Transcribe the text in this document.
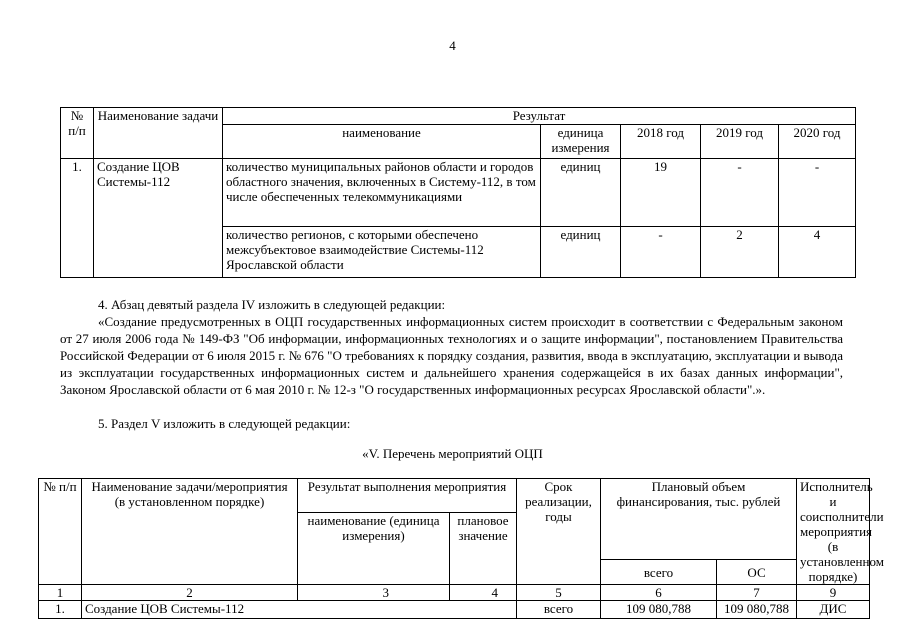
4
№ п/п	Наименование задачи	Результат				
		наименование	единица измерения	2018 год	2019 год	2020 год
1.	Создание ЦОВ Системы-112	количество муниципальных районов области и городов областного значения, включенных в Систему-112, в том числе обеспеченных телекоммуникациями	единиц	19	-	-
		количество регионов, с которыми обеспечено межсубъектовое взаимодействие Системы-112 Ярославской области	единиц	-	2	4

4. Абзац девятый раздела IV изложить в следующей редакции:

«Создание предусмотренных в ОЦП государственных информационных систем происходит в соответствии с Федеральным законом от 27 июля 2006 года № 149-ФЗ "Об информации, информационных технологиях и о защите информации", постановлением Правительства Российской Федерации от 6 июля 2015 г. № 676 "О требованиях к порядку создания, развития, ввода в эксплуатацию, эксплуатации и вывода из эксплуатации государственных информационных систем и дальнейшего хранения содержащейся в их базах данных информации", Законом Ярославской области от 6 мая 2010 г. № 12-з "О государственных информационных ресурсах Ярославской области".».

5. Раздел V изложить в следующей редакции:

«V. Перечень мероприятий ОЦП
№ п/п	Наименование задачи/мероприятия (в установленном порядке)	Результат выполнения мероприятия		Срок реализации, годы	Плановый объем финансирования, тыс. рублей		Исполнитель и соисполнители мероприятия (в установленном порядке)
		наименование (единица измерения)	плановое значение				
					всего	ОС	
1	2	3	4	5	6	7	9
1.	Создание ЦОВ Системы-112			всего	109 080,788	109 080,788	ДИС
